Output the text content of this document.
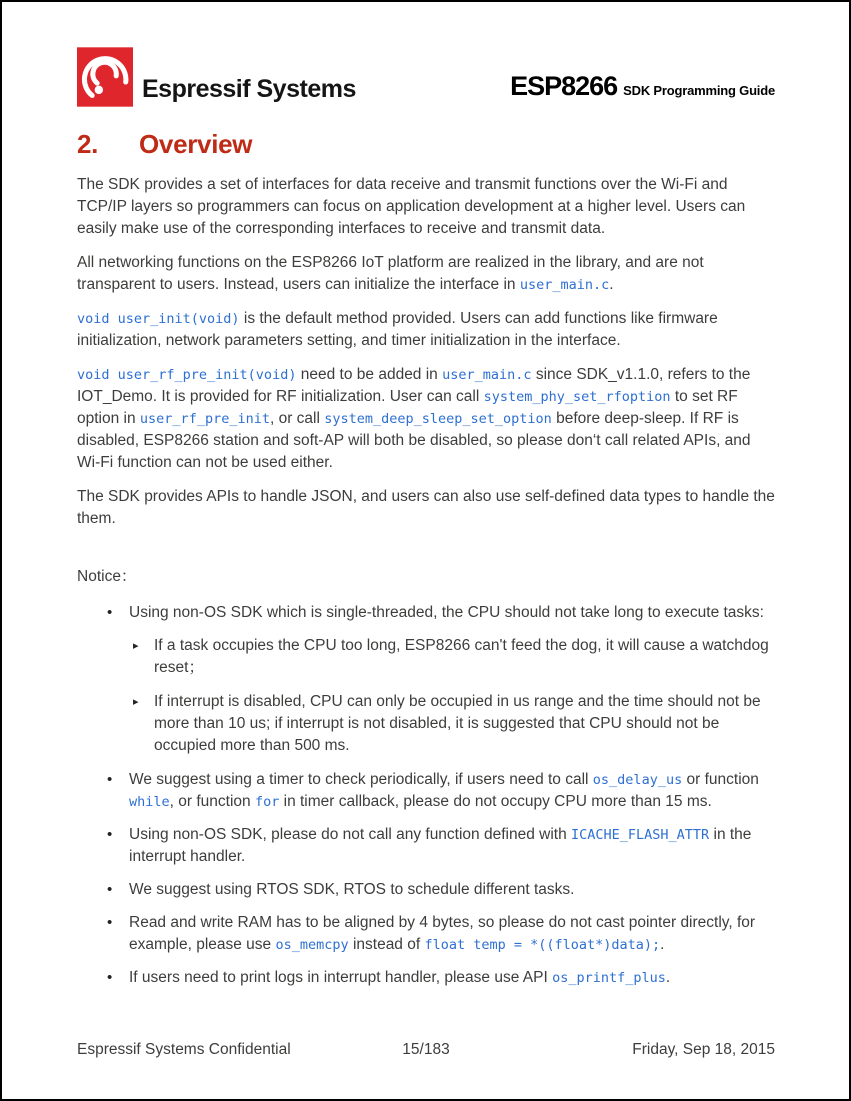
Espressif Systems	ESP8266 SDK Programming Guide
2.	Overview

The SDK provides a set of interfaces for data receive and transmit functions over the Wi-Fi and TCP/IP layers so programmers can focus on application development at a higher level. Users can easily make use of the corresponding interfaces to receive and transmit data.

All networking functions on the ESP8266 IoT platform are realized in the library, and are not transparent to users. Instead, users can initialize the interface in user_main.c.

void user_init(void) is the default method provided. Users can add functions like firmware initialization, network parameters setting, and timer initialization in the interface.

void user_rf_pre_init(void) need to be added in user_main.c since SDK_v1.1.0, refers to the IOT_Demo. It is provided for RF initialization. User can call system_phy_set_rfoption to set RF option in user_rf_pre_init, or call system_deep_sleep_set_option before deep-sleep. If RF is disabled, ESP8266 station and soft-AP will both be disabled, so please don‘t call related APIs, and Wi-Fi function can not be used either.

The SDK provides APIs to handle JSON, and users can also use self-defined data types to handle the them.

Notice：
•	Using non-OS SDK which is single-threaded, the CPU should not take long to execute tasks:
▸ If a task occupies the CPU too long, ESP8266 can't feed the dog, it will cause a watchdog reset；
▸ If interrupt is disabled, CPU can only be occupied in us range and the time should not be more than 10 us; if interrupt is not disabled, it is suggested that CPU should not be occupied more than 500 ms.
•	We suggest using a timer to check periodically, if users need to call os_delay_us or function while, or function for in timer callback, please do not occupy CPU more than 15 ms.
•	Using non-OS SDK, please do not call any function defined with ICACHE_FLASH_ATTR in the interrupt handler.
•	We suggest using RTOS SDK, RTOS to schedule different tasks.
•	Read and write RAM has to be aligned by 4 bytes, so please do not cast pointer directly, for example, please use os_memcpy instead of float temp = *((float*)data);.
•	If users need to print logs in interrupt handler, please use API os_printf_plus.
Espressif Systems Confidential	15/183	Friday, Sep 18, 2015
